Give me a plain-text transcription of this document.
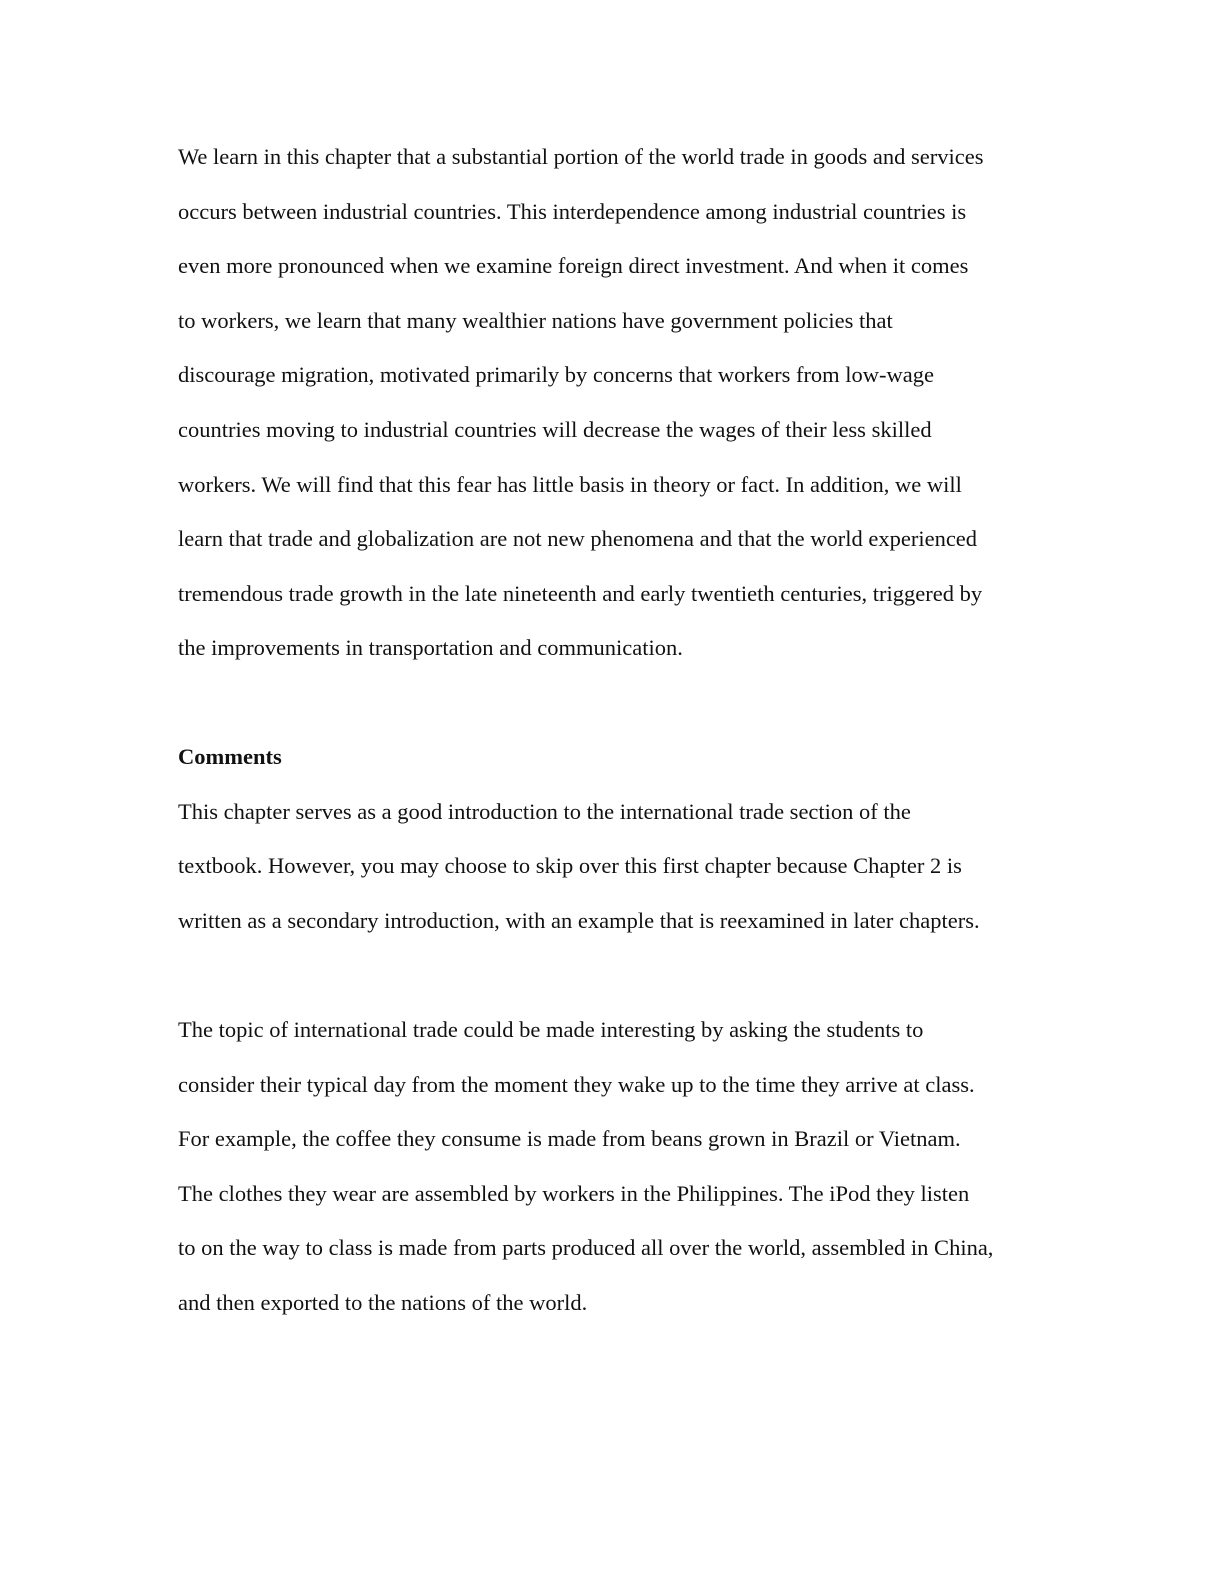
We learn in this chapter that a substantial portion of the world trade in goods and services
occurs between industrial countries. This interdependence among industrial countries is
even more pronounced when we examine foreign direct investment. And when it comes
to workers, we learn that many wealthier nations have government policies that
discourage migration, motivated primarily by concerns that workers from low-wage
countries moving to industrial countries will decrease the wages of their less skilled
workers. We will find that this fear has little basis in theory or fact. In addition, we will
learn that trade and globalization are not new phenomena and that the world experienced
tremendous trade growth in the late nineteenth and early twentieth centuries, triggered by
the improvements in transportation and communication.
Comments
This chapter serves as a good introduction to the international trade section of the
textbook. However, you may choose to skip over this first chapter because Chapter 2 is
written as a secondary introduction, with an example that is reexamined in later chapters.
The topic of international trade could be made interesting by asking the students to
consider their typical day from the moment they wake up to the time they arrive at class.
For example, the coffee they consume is made from beans grown in Brazil or Vietnam.
The clothes they wear are assembled by workers in the Philippines. The iPod they listen
to on the way to class is made from parts produced all over the world, assembled in China,
and then exported to the nations of the world.
